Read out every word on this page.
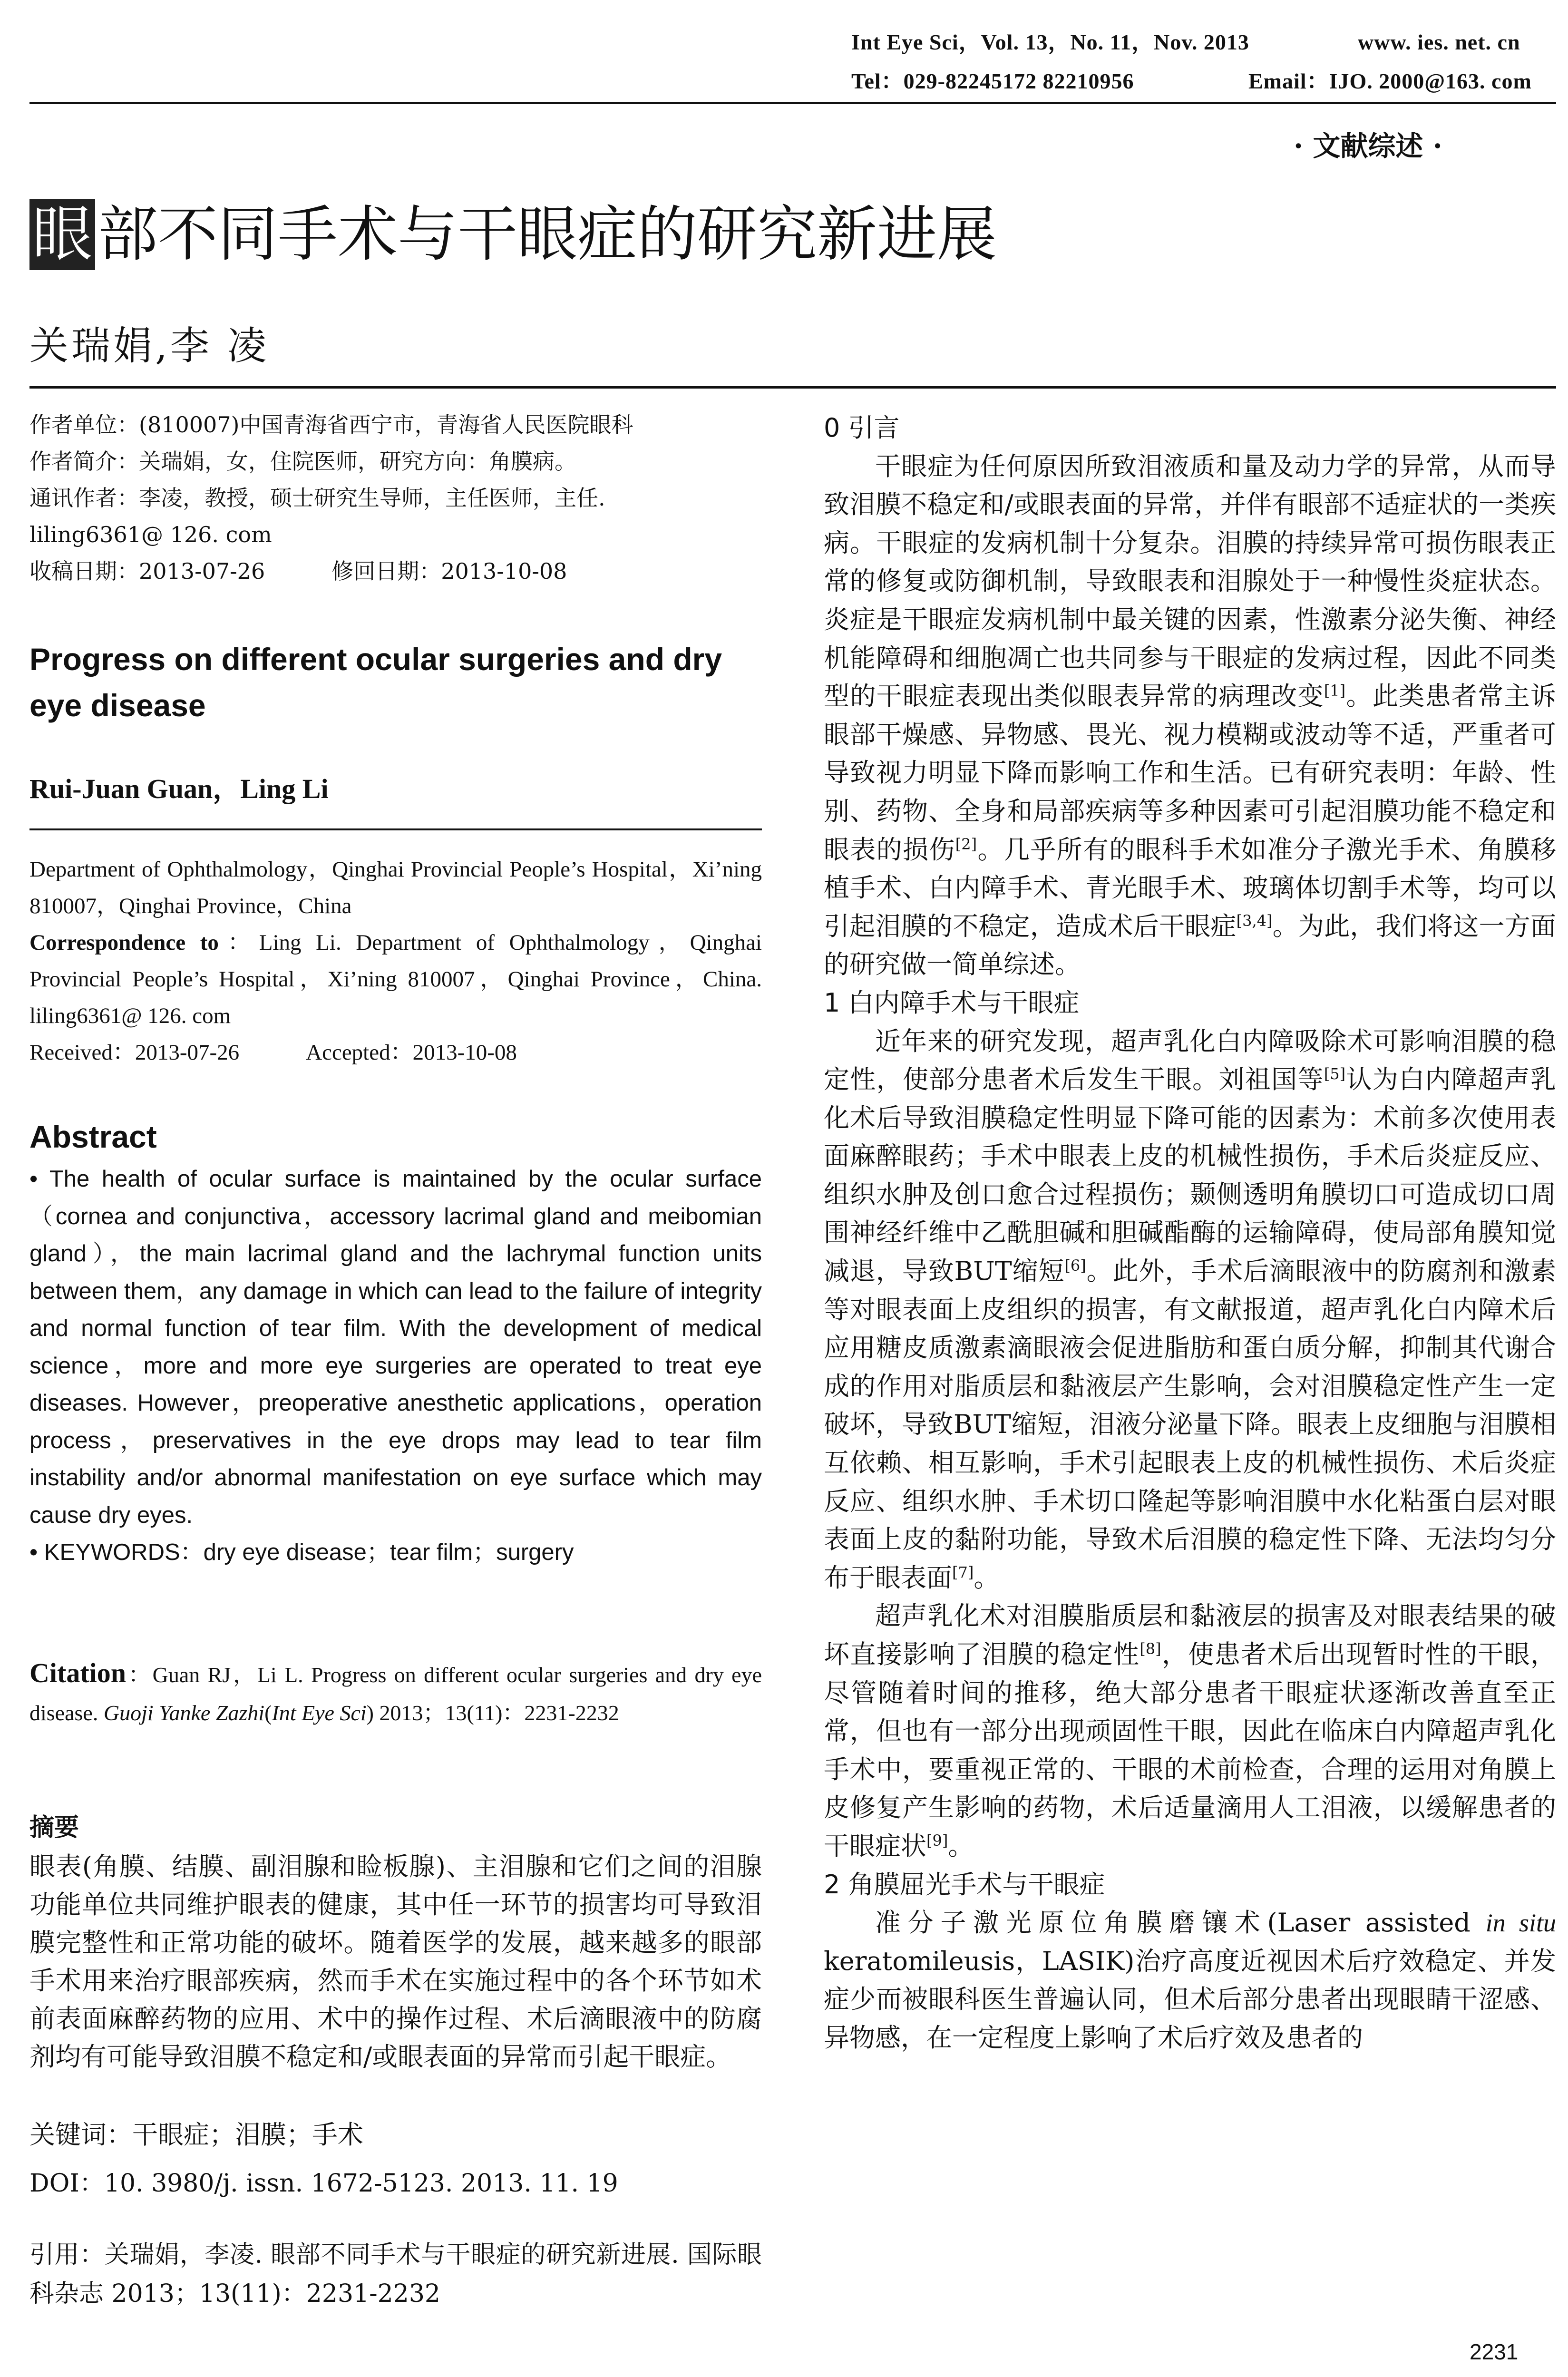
Int Eye Sci，Vol. 13，No. 11，Nov. 2013	www. ies. net. cn
Tel：029-82245172 82210956	Email：IJO. 2000@163. com
· 文献综述 ·
眼部不同手术与干眼症的研究新进展
关瑞娟,李 凌
作者单位：(810007)中国青海省西宁市，青海省人民医院眼科
作者简介：关瑞娟，女，住院医师，研究方向：角膜病。
通讯作者：李凌，教授，硕士研究生导师，主任医师，主任.
liling6361@ 126. com
收稿日期：2013-07-26	修回日期：2013-10-08
Progress on different ocular surgeries and dry eye disease
Rui-Juan Guan，Ling Li
Department of Ophthalmology，Qinghai Provincial People’s Hospital，Xi’ning 810007，Qinghai Province，China
Correspondence to：Ling Li. Department of Ophthalmology，Qinghai Provincial People’s Hospital，Xi’ning 810007，Qinghai Province，China. liling6361@ 126. com
Received：2013-07-26	Accepted：2013-10-08
Abstract
• The health of ocular surface is maintained by the ocular surface（cornea and conjunctiva，accessory lacrimal gland and meibomian gland），the main lacrimal gland and the lachrymal function units between them，any damage in which can lead to the failure of integrity and normal function of tear film. With the development of medical science，more and more eye surgeries are operated to treat eye diseases. However，preoperative anesthetic applications，operation process，preservatives in the eye drops may lead to tear film instability and/or abnormal manifestation on eye surface which may cause dry eyes.
• KEYWORDS：dry eye disease；tear film；surgery
Citation：Guan RJ，Li L. Progress on different ocular surgeries and dry eye disease. Guoji Yanke Zazhi(Int Eye Sci) 2013；13(11)：2231-2232
摘要
眼表(角膜、结膜、副泪腺和睑板腺)、主泪腺和它们之间的泪腺功能单位共同维护眼表的健康，其中任一环节的损害均可导致泪膜完整性和正常功能的破坏。随着医学的发展，越来越多的眼部手术用来治疗眼部疾病，然而手术在实施过程中的各个环节如术前表面麻醉药物的应用、术中的操作过程、术后滴眼液中的防腐剂均有可能导致泪膜不稳定和/或眼表面的异常而引起干眼症。
关键词：干眼症；泪膜；手术
DOI：10. 3980/j. issn. 1672-5123. 2013. 11. 19
引用：关瑞娟，李凌. 眼部不同手术与干眼症的研究新进展. 国际眼科杂志 2013；13(11)：2231-2232
0 引言

干眼症为任何原因所致泪液质和量及动力学的异常，从而导致泪膜不稳定和/或眼表面的异常，并伴有眼部不适症状的一类疾病。干眼症的发病机制十分复杂。泪膜的持续异常可损伤眼表正常的修复或防御机制，导致眼表和泪腺处于一种慢性炎症状态。炎症是干眼症发病机制中最关键的因素，性激素分泌失衡、神经机能障碍和细胞凋亡也共同参与干眼症的发病过程，因此不同类型的干眼症表现出类似眼表异常的病理改变[1]。此类患者常主诉眼部干燥感、异物感、畏光、视力模糊或波动等不适，严重者可导致视力明显下降而影响工作和生活。已有研究表明：年龄、性别、药物、全身和局部疾病等多种因素可引起泪膜功能不稳定和眼表的损伤[2]。几乎所有的眼科手术如准分子激光手术、角膜移植手术、白内障手术、青光眼手术、玻璃体切割手术等，均可以引起泪膜的不稳定，造成术后干眼症[3,4]。为此，我们将这一方面的研究做一简单综述。

1 白内障手术与干眼症

近年来的研究发现，超声乳化白内障吸除术可影响泪膜的稳定性，使部分患者术后发生干眼。刘祖国等[5]认为白内障超声乳化术后导致泪膜稳定性明显下降可能的因素为：术前多次使用表面麻醉眼药；手术中眼表上皮的机械性损伤，手术后炎症反应、组织水肿及创口愈合过程损伤；颞侧透明角膜切口可造成切口周围神经纤维中乙酰胆碱和胆碱酯酶的运输障碍，使局部角膜知觉减退，导致BUT缩短[6]。此外，手术后滴眼液中的防腐剂和激素等对眼表面上皮组织的损害，有文献报道，超声乳化白内障术后应用糖皮质激素滴眼液会促进脂肪和蛋白质分解，抑制其代谢合成的作用对脂质层和黏液层产生影响，会对泪膜稳定性产生一定破坏，导致BUT缩短，泪液分泌量下降。眼表上皮细胞与泪膜相互依赖、相互影响，手术引起眼表上皮的机械性损伤、术后炎症反应、组织水肿、手术切口隆起等影响泪膜中水化粘蛋白层对眼表面上皮的黏附功能，导致术后泪膜的稳定性下降、无法均匀分布于眼表面[7]。

超声乳化术对泪膜脂质层和黏液层的损害及对眼表结果的破坏直接影响了泪膜的稳定性[8]，使患者术后出现暂时性的干眼，尽管随着时间的推移，绝大部分患者干眼症状逐渐改善直至正常，但也有一部分出现顽固性干眼，因此在临床白内障超声乳化手术中，要重视正常的、干眼的术前检查，合理的运用对角膜上皮修复产生影响的药物，术后适量滴用人工泪液，以缓解患者的干眼症状[9]。

2 角膜屈光手术与干眼症

准分子激光原位角膜磨镶术(Laser assisted in situ keratomileusis，LASIK)治疗高度近视因术后疗效稳定、并发症少而被眼科医生普遍认同，但术后部分患者出现眼睛干涩感、异物感，在一定程度上影响了术后疗效及患者的

2231
